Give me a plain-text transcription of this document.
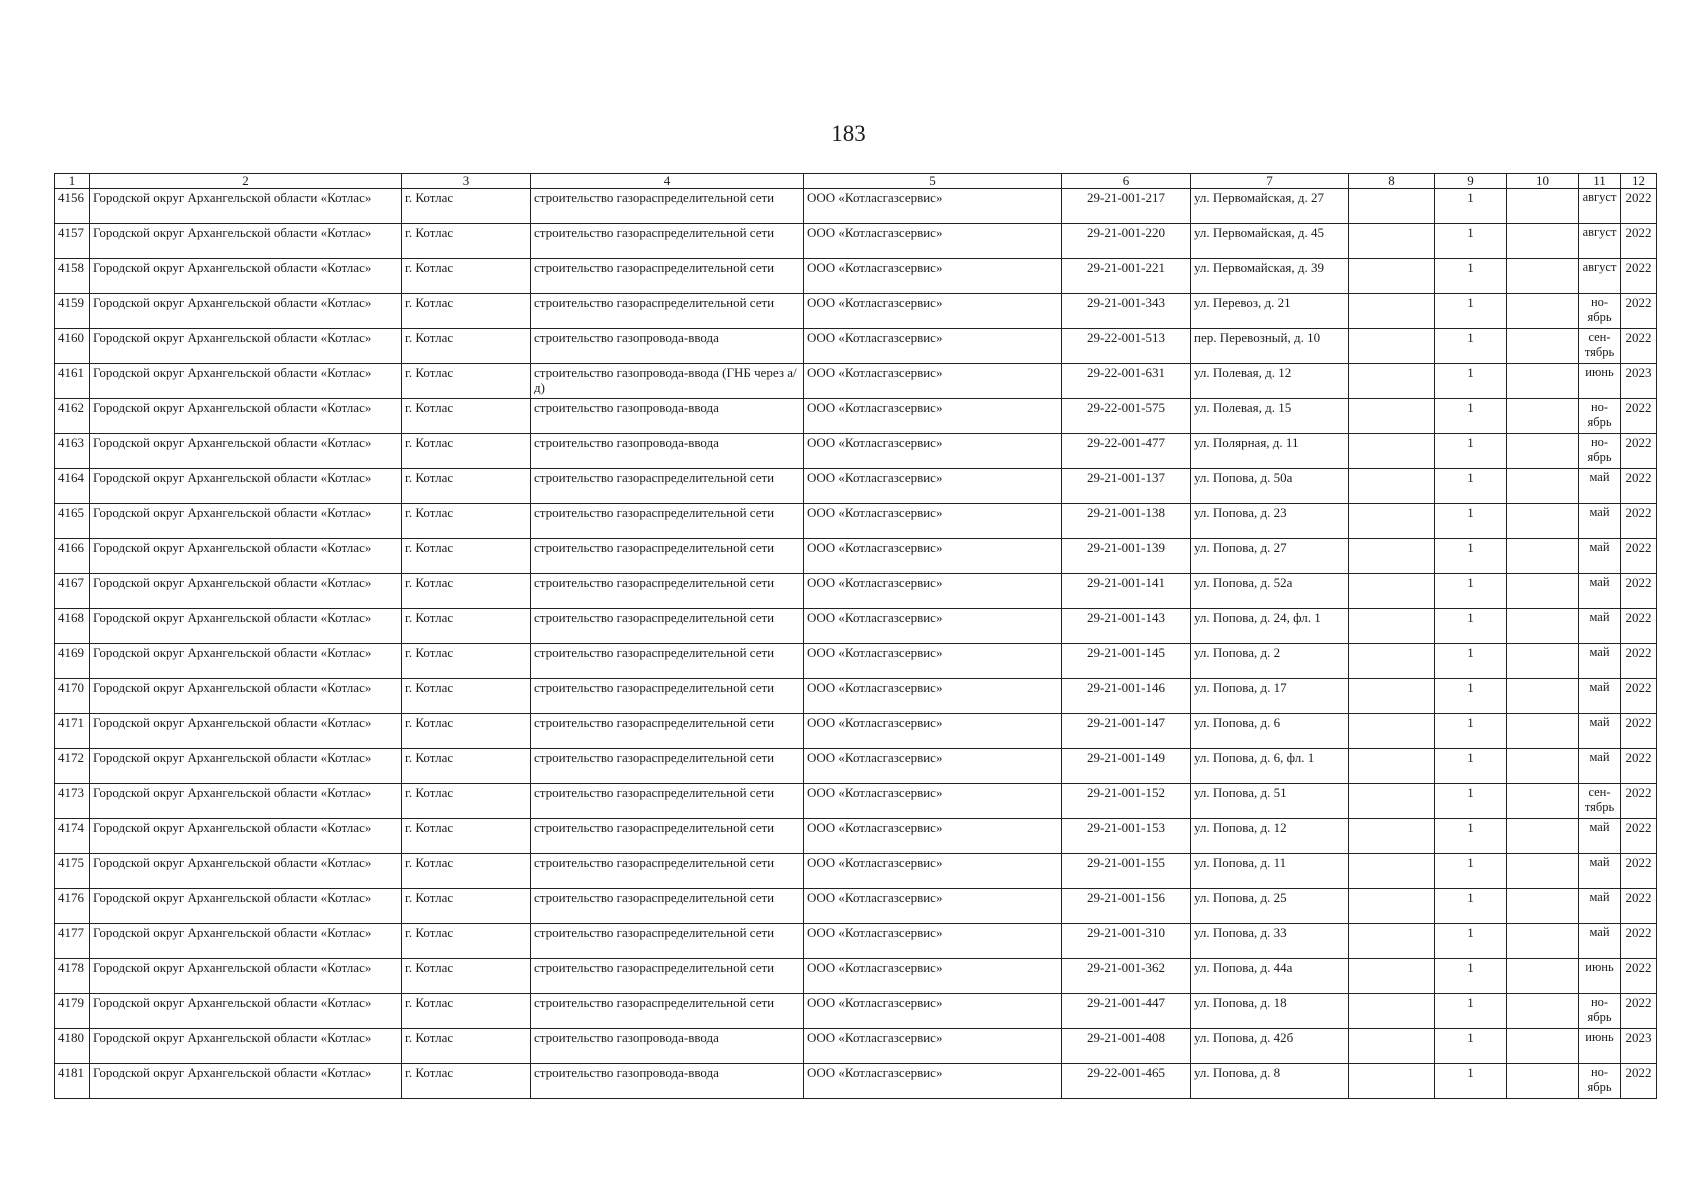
183
1	2	3	4	5	6	7	8	9	10	11	12
4156	Городской округ Архангельской области «Котлас»	г. Котлас	строительство газораспределительной сети	ООО «Котласгазсервис»	29-21-001-217	ул. Первомайская, д. 27		1		август	2022
4157	Городской округ Архангельской области «Котлас»	г. Котлас	строительство газораспределительной сети	ООО «Котласгазсервис»	29-21-001-220	ул. Первомайская, д. 45		1		август	2022
4158	Городской округ Архангельской области «Котлас»	г. Котлас	строительство газораспределительной сети	ООО «Котласгазсервис»	29-21-001-221	ул. Первомайская, д. 39		1		август	2022
4159	Городской округ Архангельской области «Котлас»	г. Котлас	строительство газораспределительной сети	ООО «Котласгазсервис»	29-21-001-343	ул. Перевоз, д. 21		1		но-ябрь	2022
4160	Городской округ Архангельской области «Котлас»	г. Котлас	строительство газопровода-ввода	ООО «Котласгазсервис»	29-22-001-513	пер. Перевозный, д. 10		1		сен-тябрь	2022
4161	Городской округ Архангельской области «Котлас»	г. Котлас	строительство газопровода-ввода (ГНБ через а/д)	ООО «Котласгазсервис»	29-22-001-631	ул. Полевая, д. 12		1		июнь	2023
4162	Городской округ Архангельской области «Котлас»	г. Котлас	строительство газопровода-ввода	ООО «Котласгазсервис»	29-22-001-575	ул. Полевая, д. 15		1		но-ябрь	2022
4163	Городской округ Архангельской области «Котлас»	г. Котлас	строительство газопровода-ввода	ООО «Котласгазсервис»	29-22-001-477	ул. Полярная, д. 11		1		но-ябрь	2022
4164	Городской округ Архангельской области «Котлас»	г. Котлас	строительство газораспределительной сети	ООО «Котласгазсервис»	29-21-001-137	ул. Попова, д. 50а		1		май	2022
4165	Городской округ Архангельской области «Котлас»	г. Котлас	строительство газораспределительной сети	ООО «Котласгазсервис»	29-21-001-138	ул. Попова, д. 23		1		май	2022
4166	Городской округ Архангельской области «Котлас»	г. Котлас	строительство газораспределительной сети	ООО «Котласгазсервис»	29-21-001-139	ул. Попова, д. 27		1		май	2022
4167	Городской округ Архангельской области «Котлас»	г. Котлас	строительство газораспределительной сети	ООО «Котласгазсервис»	29-21-001-141	ул. Попова, д. 52а		1		май	2022
4168	Городской округ Архангельской области «Котлас»	г. Котлас	строительство газораспределительной сети	ООО «Котласгазсервис»	29-21-001-143	ул. Попова, д. 24, фл. 1		1		май	2022
4169	Городской округ Архангельской области «Котлас»	г. Котлас	строительство газораспределительной сети	ООО «Котласгазсервис»	29-21-001-145	ул. Попова, д. 2		1		май	2022
4170	Городской округ Архангельской области «Котлас»	г. Котлас	строительство газораспределительной сети	ООО «Котласгазсервис»	29-21-001-146	ул. Попова, д. 17		1		май	2022
4171	Городской округ Архангельской области «Котлас»	г. Котлас	строительство газораспределительной сети	ООО «Котласгазсервис»	29-21-001-147	ул. Попова, д. 6		1		май	2022
4172	Городской округ Архангельской области «Котлас»	г. Котлас	строительство газораспределительной сети	ООО «Котласгазсервис»	29-21-001-149	ул. Попова, д. 6, фл. 1		1		май	2022
4173	Городской округ Архангельской области «Котлас»	г. Котлас	строительство газораспределительной сети	ООО «Котласгазсервис»	29-21-001-152	ул. Попова, д. 51		1		сен-тябрь	2022
4174	Городской округ Архангельской области «Котлас»	г. Котлас	строительство газораспределительной сети	ООО «Котласгазсервис»	29-21-001-153	ул. Попова, д. 12		1		май	2022
4175	Городской округ Архангельской области «Котлас»	г. Котлас	строительство газораспределительной сети	ООО «Котласгазсервис»	29-21-001-155	ул. Попова, д. 11		1		май	2022
4176	Городской округ Архангельской области «Котлас»	г. Котлас	строительство газораспределительной сети	ООО «Котласгазсервис»	29-21-001-156	ул. Попова, д. 25		1		май	2022
4177	Городской округ Архангельской области «Котлас»	г. Котлас	строительство газораспределительной сети	ООО «Котласгазсервис»	29-21-001-310	ул. Попова, д. 33		1		май	2022
4178	Городской округ Архангельской области «Котлас»	г. Котлас	строительство газораспределительной сети	ООО «Котласгазсервис»	29-21-001-362	ул. Попова, д. 44а		1		июнь	2022
4179	Городской округ Архангельской области «Котлас»	г. Котлас	строительство газораспределительной сети	ООО «Котласгазсервис»	29-21-001-447	ул. Попова, д. 18		1		но-ябрь	2022
4180	Городской округ Архангельской области «Котлас»	г. Котлас	строительство газопровода-ввода	ООО «Котласгазсервис»	29-21-001-408	ул. Попова, д. 42б		1		июнь	2023
4181	Городской округ Архангельской области «Котлас»	г. Котлас	строительство газопровода-ввода	ООО «Котласгазсервис»	29-22-001-465	ул. Попова, д. 8		1		но-ябрь	2022
